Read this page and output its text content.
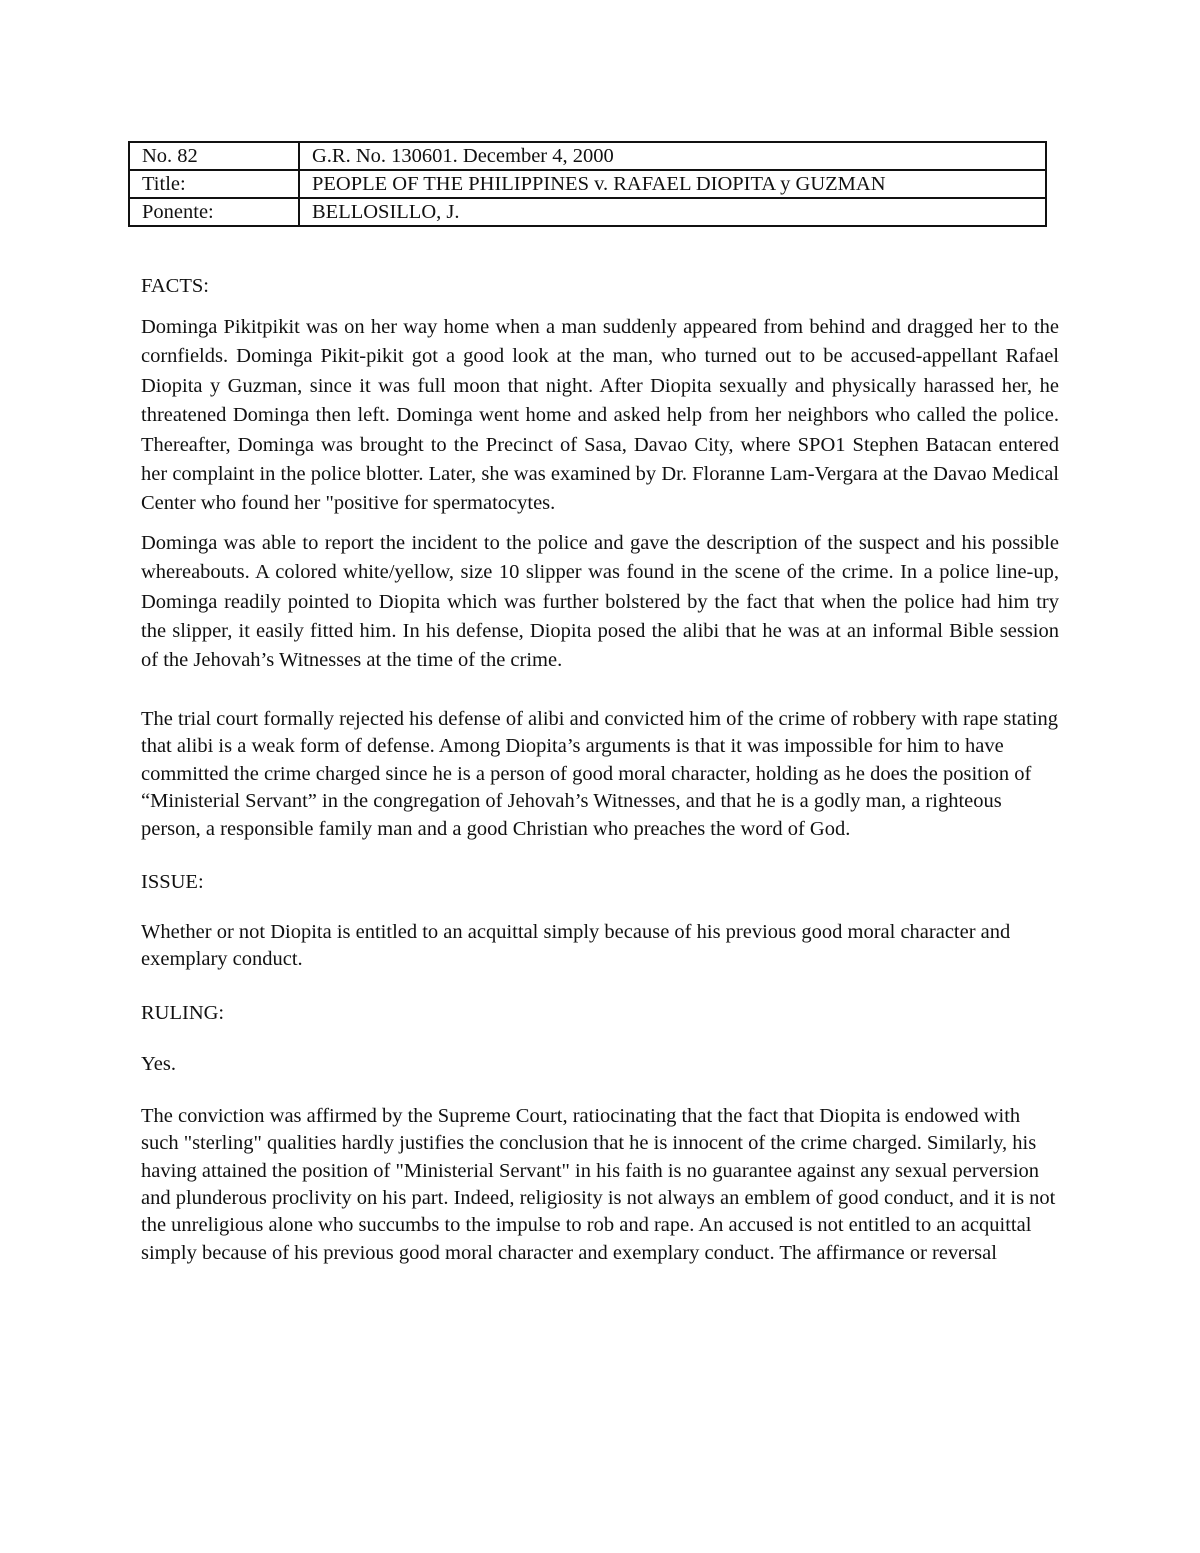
No. 82	G.R. No. 130601. December 4, 2000
Title:	PEOPLE OF THE PHILIPPINES v. RAFAEL DIOPITA y GUZMAN
Ponente:	BELLOSILLO, J.

FACTS:

Dominga Pikitpikit was on her way home when a man suddenly appeared from behind and dragged her to the cornfields. Dominga Pikit-pikit got a good look at the man, who turned out to be accused-appellant Rafael Diopita y Guzman, since it was full moon that night. After Diopita sexually and physically harassed her, he threatened Dominga then left. Dominga went home and asked help from her neighbors who called the police. Thereafter, Dominga was brought to the Precinct of Sasa, Davao City, where SPO1 Stephen Batacan entered her complaint in the police blotter. Later, she was examined by Dr. Floranne Lam-Vergara at the Davao Medical Center who found her "positive for spermatocytes.

Dominga was able to report the incident to the police and gave the description of the suspect and his possible whereabouts. A colored white/yellow, size 10 slipper was found in the scene of the crime. In a police line-up, Dominga readily pointed to Diopita which was further bolstered by the fact that when the police had him try the slipper, it easily fitted him. In his defense, Diopita posed the alibi that he was at an informal Bible session of the Jehovah’s Witnesses at the time of the crime.

The trial court formally rejected his defense of alibi and convicted him of the crime of robbery with rape stating that alibi is a weak form of defense. Among Diopita’s arguments is that it was impossible for him to have committed the crime charged since he is a person of good moral character, holding as he does the position of “Ministerial Servant” in the congregation of Jehovah’s Witnesses, and that he is a godly man, a righteous person, a responsible family man and a good Christian who preaches the word of God.

ISSUE:

Whether or not Diopita is entitled to an acquittal simply because of his previous good moral character and exemplary conduct.

RULING:

Yes.

The conviction was affirmed by the Supreme Court, ratiocinating that the fact that Diopita is endowed with such "sterling" qualities hardly justifies the conclusion that he is innocent of the crime charged. Similarly, his having attained the position of "Ministerial Servant" in his faith is no guarantee against any sexual perversion and plunderous proclivity on his part. Indeed, religiosity is not always an emblem of good conduct, and it is not the unreligious alone who succumbs to the impulse to rob and rape. An accused is not entitled to an acquittal simply because of his previous good moral character and exemplary conduct. The affirmance or reversal
